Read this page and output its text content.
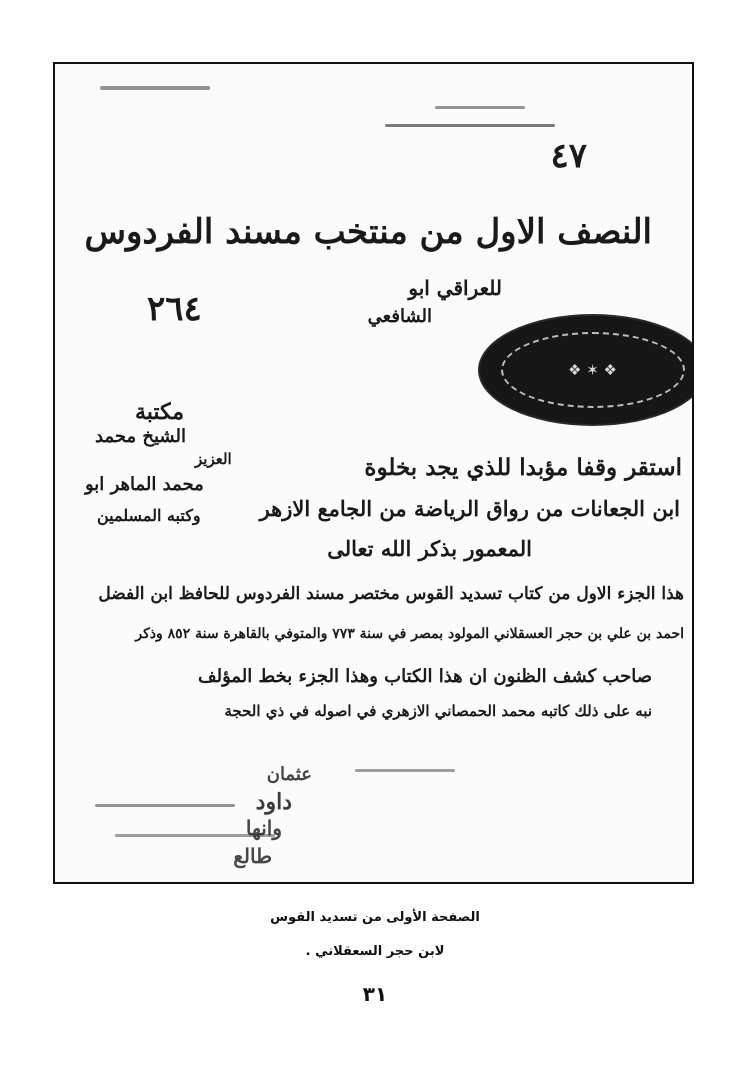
٤٧
النصف الاول من منتخب مسند الفردوس
للعراقي ابو
الشافعي
٢٦٤
❖ ✶ ❖
مكتبة
الشيخ محمد
العزيز
محمد الماهر ابو
وكتبه المسلمين
استقر وقفا مؤبدا للذي يجد بخلوة
ابن الجعانات من رواق الرياضة من الجامع الازهر
المعمور بذكر الله تعالى
هذا الجزء الاول من كتاب تسديد القوس مختصر مسند الفردوس للحافظ ابن الفضل
احمد بن علي بن حجر العسقلاني المولود بمصر في سنة ٧٧٣ والمتوفي بالقاهرة سنة ٨٥٢ وذكر
صاحب كشف الظنون ان هذا الكتاب وهذا الجزء بخط المؤلف
نبه على ذلك كاتبه محمد الحمصاني الازهري في اصوله في ذي الحجة
عثمان
داود
وانها
طالع
الصفحة الأولى من تسديد القوس
لابن حجر السعقلاني .
٣١
